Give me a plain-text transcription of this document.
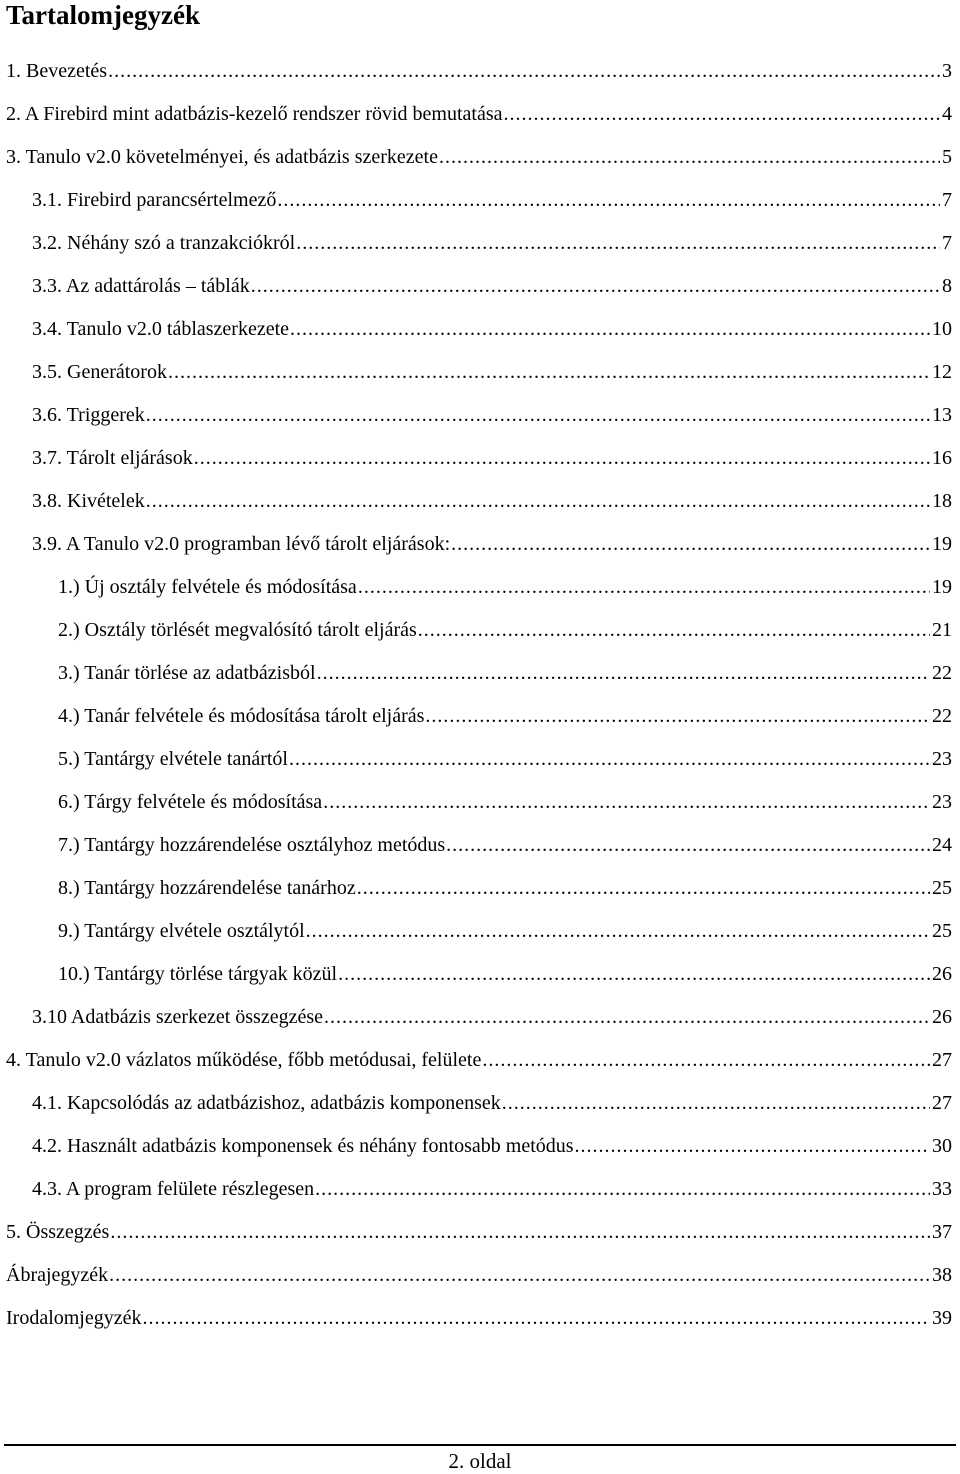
Tartalomjegyzék
1. Bevezetés .....	3
2. A Firebird mint adatbázis-kezelő rendszer rövid bemutatása .....	4
3. Tanulo v2.0 követelményei, és adatbázis szerkezete .....	5
3.1. Firebird parancsértelmező .....	7
3.2. Néhány szó a tranzakciókról .....	7
3.3. Az adattárolás – táblák .....	8
3.4. Tanulo v2.0 táblaszerkezete .....	10
3.5. Generátorok .....	12
3.6. Triggerek .....	13
3.7. Tárolt eljárások .....	16
3.8. Kivételek .....	18
3.9. A Tanulo v2.0 programban lévő tárolt eljárások: .....	19
1.) Új osztály felvétele és módosítása .....	19
2.) Osztály törlését megvalósító tárolt eljárás .....	21
3.) Tanár törlése az adatbázisból .....	22
4.) Tanár felvétele és módosítása tárolt eljárás .....	22
5.) Tantárgy elvétele tanártól .....	23
6.) Tárgy felvétele és módosítása .....	23
7.) Tantárgy hozzárendelése osztályhoz metódus .....	24
8.) Tantárgy hozzárendelése tanárhoz .....	25
9.) Tantárgy elvétele osztálytól .....	25
10.) Tantárgy törlése tárgyak közül .....	26
3.10 Adatbázis szerkezet összegzése .....	26
4. Tanulo v2.0 vázlatos működése, főbb metódusai, felülete .....	27
4.1. Kapcsolódás az adatbázishoz, adatbázis komponensek .....	27
4.2. Használt adatbázis komponensek és néhány fontosabb metódus .....	30
4.3. A program felülete részlegesen .....	33
5. Összegzés .....	37
Ábrajegyzék .....	38
Irodalomjegyzék .....	39
2. oldal
